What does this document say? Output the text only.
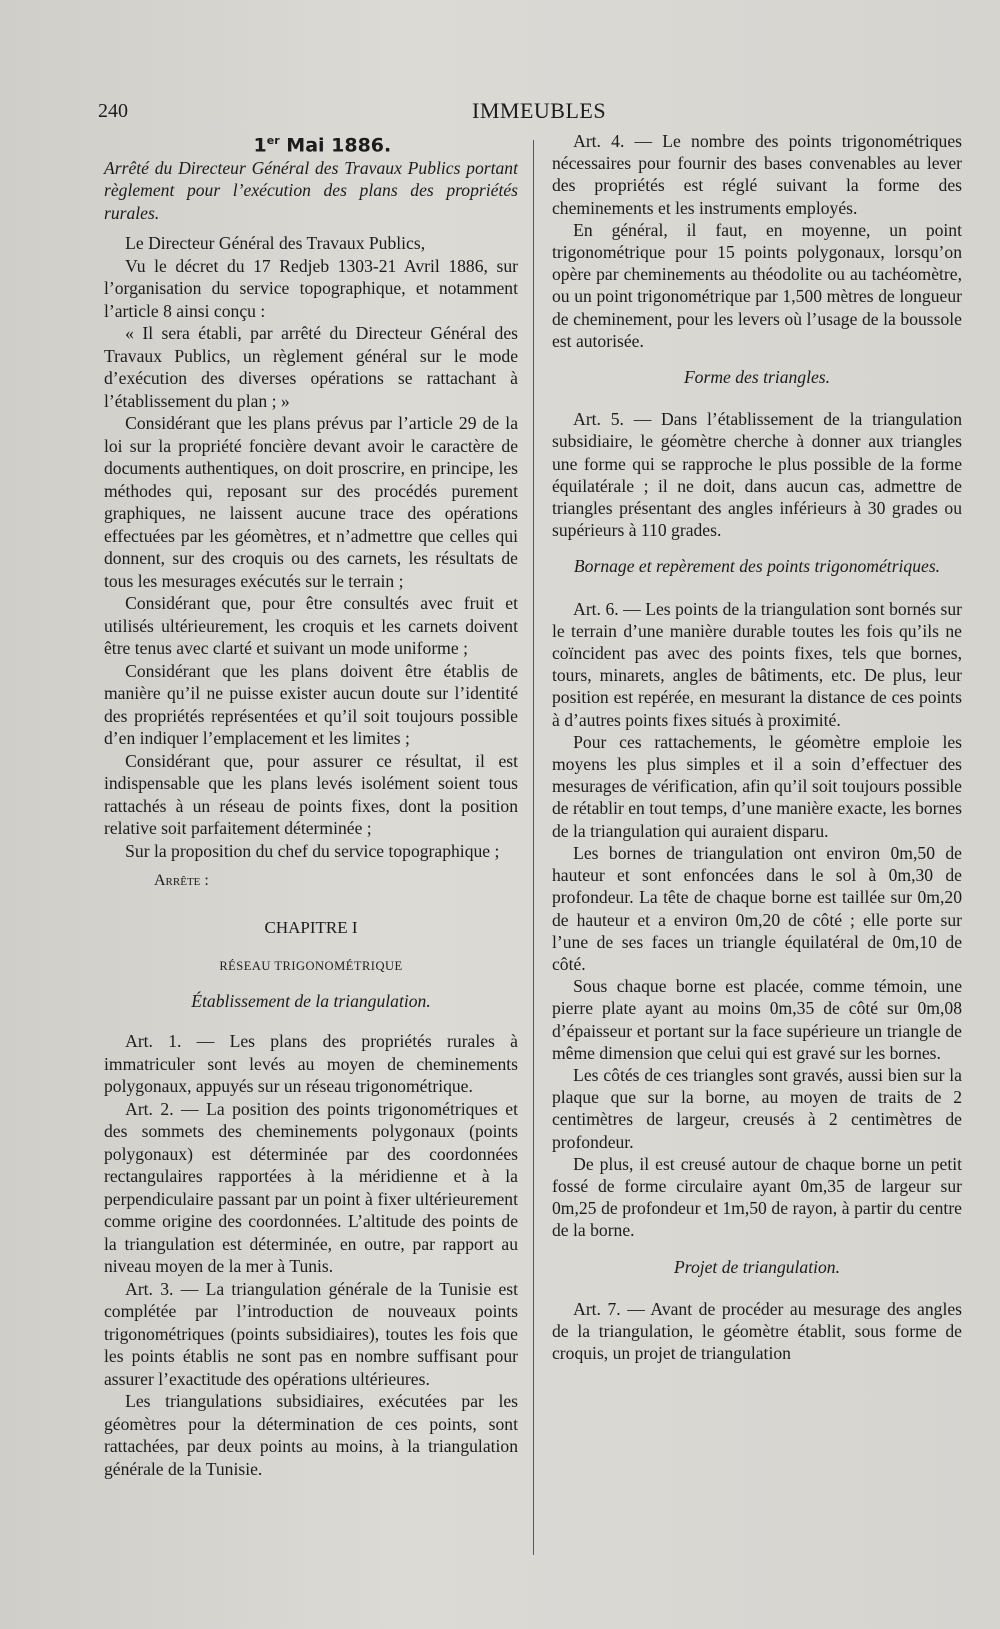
240	IMMEUBLES

1er Mai 1886.

Arrêté du Directeur Général des Travaux Publics portant règlement pour l’exécution des plans des propriétés rurales.

Le Directeur Général des Travaux Publics,

Vu le décret du 17 Redjeb 1303-21 Avril 1886, sur l’organisation du service topographique, et notamment l’article 8 ainsi conçu :

« Il sera établi, par arrêté du Directeur Général des Travaux Publics, un règlement général sur le mode d’exécution des diverses opérations se rattachant à l’établissement du plan ; »

Considérant que les plans prévus par l’article 29 de la loi sur la propriété foncière devant avoir le caractère de documents authentiques, on doit proscrire, en principe, les méthodes qui, reposant sur des procédés purement graphiques, ne laissent aucune trace des opérations effectuées par les géomètres, et n’admettre que celles qui donnent, sur des croquis ou des carnets, les résultats de tous les mesurages exécutés sur le terrain ;

Considérant que, pour être consultés avec fruit et utilisés ultérieurement, les croquis et les carnets doivent être tenus avec clarté et suivant un mode uniforme ;

Considérant que les plans doivent être établis de manière qu’il ne puisse exister aucun doute sur l’identité des propriétés représentées et qu’il soit toujours possible d’en indiquer l’emplacement et les limites ;

Considérant que, pour assurer ce résultat, il est indispensable que les plans levés isolément soient tous rattachés à un réseau de points fixes, dont la position relative soit parfaitement déterminée ;

Sur la proposition du chef du service topographique ;

Arrête :

CHAPITRE I

RÉSEAU TRIGONOMÉTRIQUE

Établissement de la triangulation.

Art. 1. — Les plans des propriétés rurales à immatriculer sont levés au moyen de cheminements polygonaux, appuyés sur un réseau trigonométrique.

Art. 2. — La position des points trigonométriques et des sommets des cheminements polygonaux (points polygonaux) est déterminée par des coordonnées rectangulaires rapportées à la méridienne et à la perpendiculaire passant par un point à fixer ultérieurement comme origine des coordonnées. L’altitude des points de la triangulation est déterminée, en outre, par rapport au niveau moyen de la mer à Tunis.

Art. 3. — La triangulation générale de la Tunisie est complétée par l’introduction de nouveaux points trigonométriques (points subsidiaires), toutes les fois que les points établis ne sont pas en nombre suffisant pour assurer l’exactitude des opérations ultérieures.

Les triangulations subsidiaires, exécutées par les géomètres pour la détermination de ces points, sont rattachées, par deux points au moins, à la triangulation générale de la Tunisie.

Art. 4. — Le nombre des points trigonométriques nécessaires pour fournir des bases convenables au lever des propriétés est réglé suivant la forme des cheminements et les instruments employés.

En général, il faut, en moyenne, un point trigonométrique pour 15 points polygonaux, lorsqu’on opère par cheminements au théodolite ou au tachéomètre, ou un point trigonométrique par 1,500 mètres de longueur de cheminement, pour les levers où l’usage de la boussole est autorisée.

Forme des triangles.

Art. 5. — Dans l’établissement de la triangulation subsidiaire, le géomètre cherche à donner aux triangles une forme qui se rapproche le plus possible de la forme équilatérale ; il ne doit, dans aucun cas, admettre de triangles présentant des angles inférieurs à 30 grades ou supérieurs à 110 grades.

Bornage et repèrement des points trigonométriques.

Art. 6. — Les points de la triangulation sont bornés sur le terrain d’une manière durable toutes les fois qu’ils ne coïncident pas avec des points fixes, tels que bornes, tours, minarets, angles de bâtiments, etc. De plus, leur position est repérée, en mesurant la distance de ces points à d’autres points fixes situés à proximité.

Pour ces rattachements, le géomètre emploie les moyens les plus simples et il a soin d’effectuer des mesurages de vérification, afin qu’il soit toujours possible de rétablir en tout temps, d’une manière exacte, les bornes de la triangulation qui auraient disparu.

Les bornes de triangulation ont environ 0m,50 de hauteur et sont enfoncées dans le sol à 0m,30 de profondeur. La tête de chaque borne est taillée sur 0m,20 de hauteur et a environ 0m,20 de côté ; elle porte sur l’une de ses faces un triangle équilatéral de 0m,10 de côté.

Sous chaque borne est placée, comme témoin, une pierre plate ayant au moins 0m,35 de côté sur 0m,08 d’épaisseur et portant sur la face supérieure un triangle de même dimension que celui qui est gravé sur les bornes.

Les côtés de ces triangles sont gravés, aussi bien sur la plaque que sur la borne, au moyen de traits de 2 centimètres de largeur, creusés à 2 centimètres de profondeur.

De plus, il est creusé autour de chaque borne un petit fossé de forme circulaire ayant 0m,35 de largeur sur 0m,25 de profondeur et 1m,50 de rayon, à partir du centre de la borne.

Projet de triangulation.

Art. 7. — Avant de procéder au mesurage des angles de la triangulation, le géomètre établit, sous forme de croquis, un projet de triangulation
